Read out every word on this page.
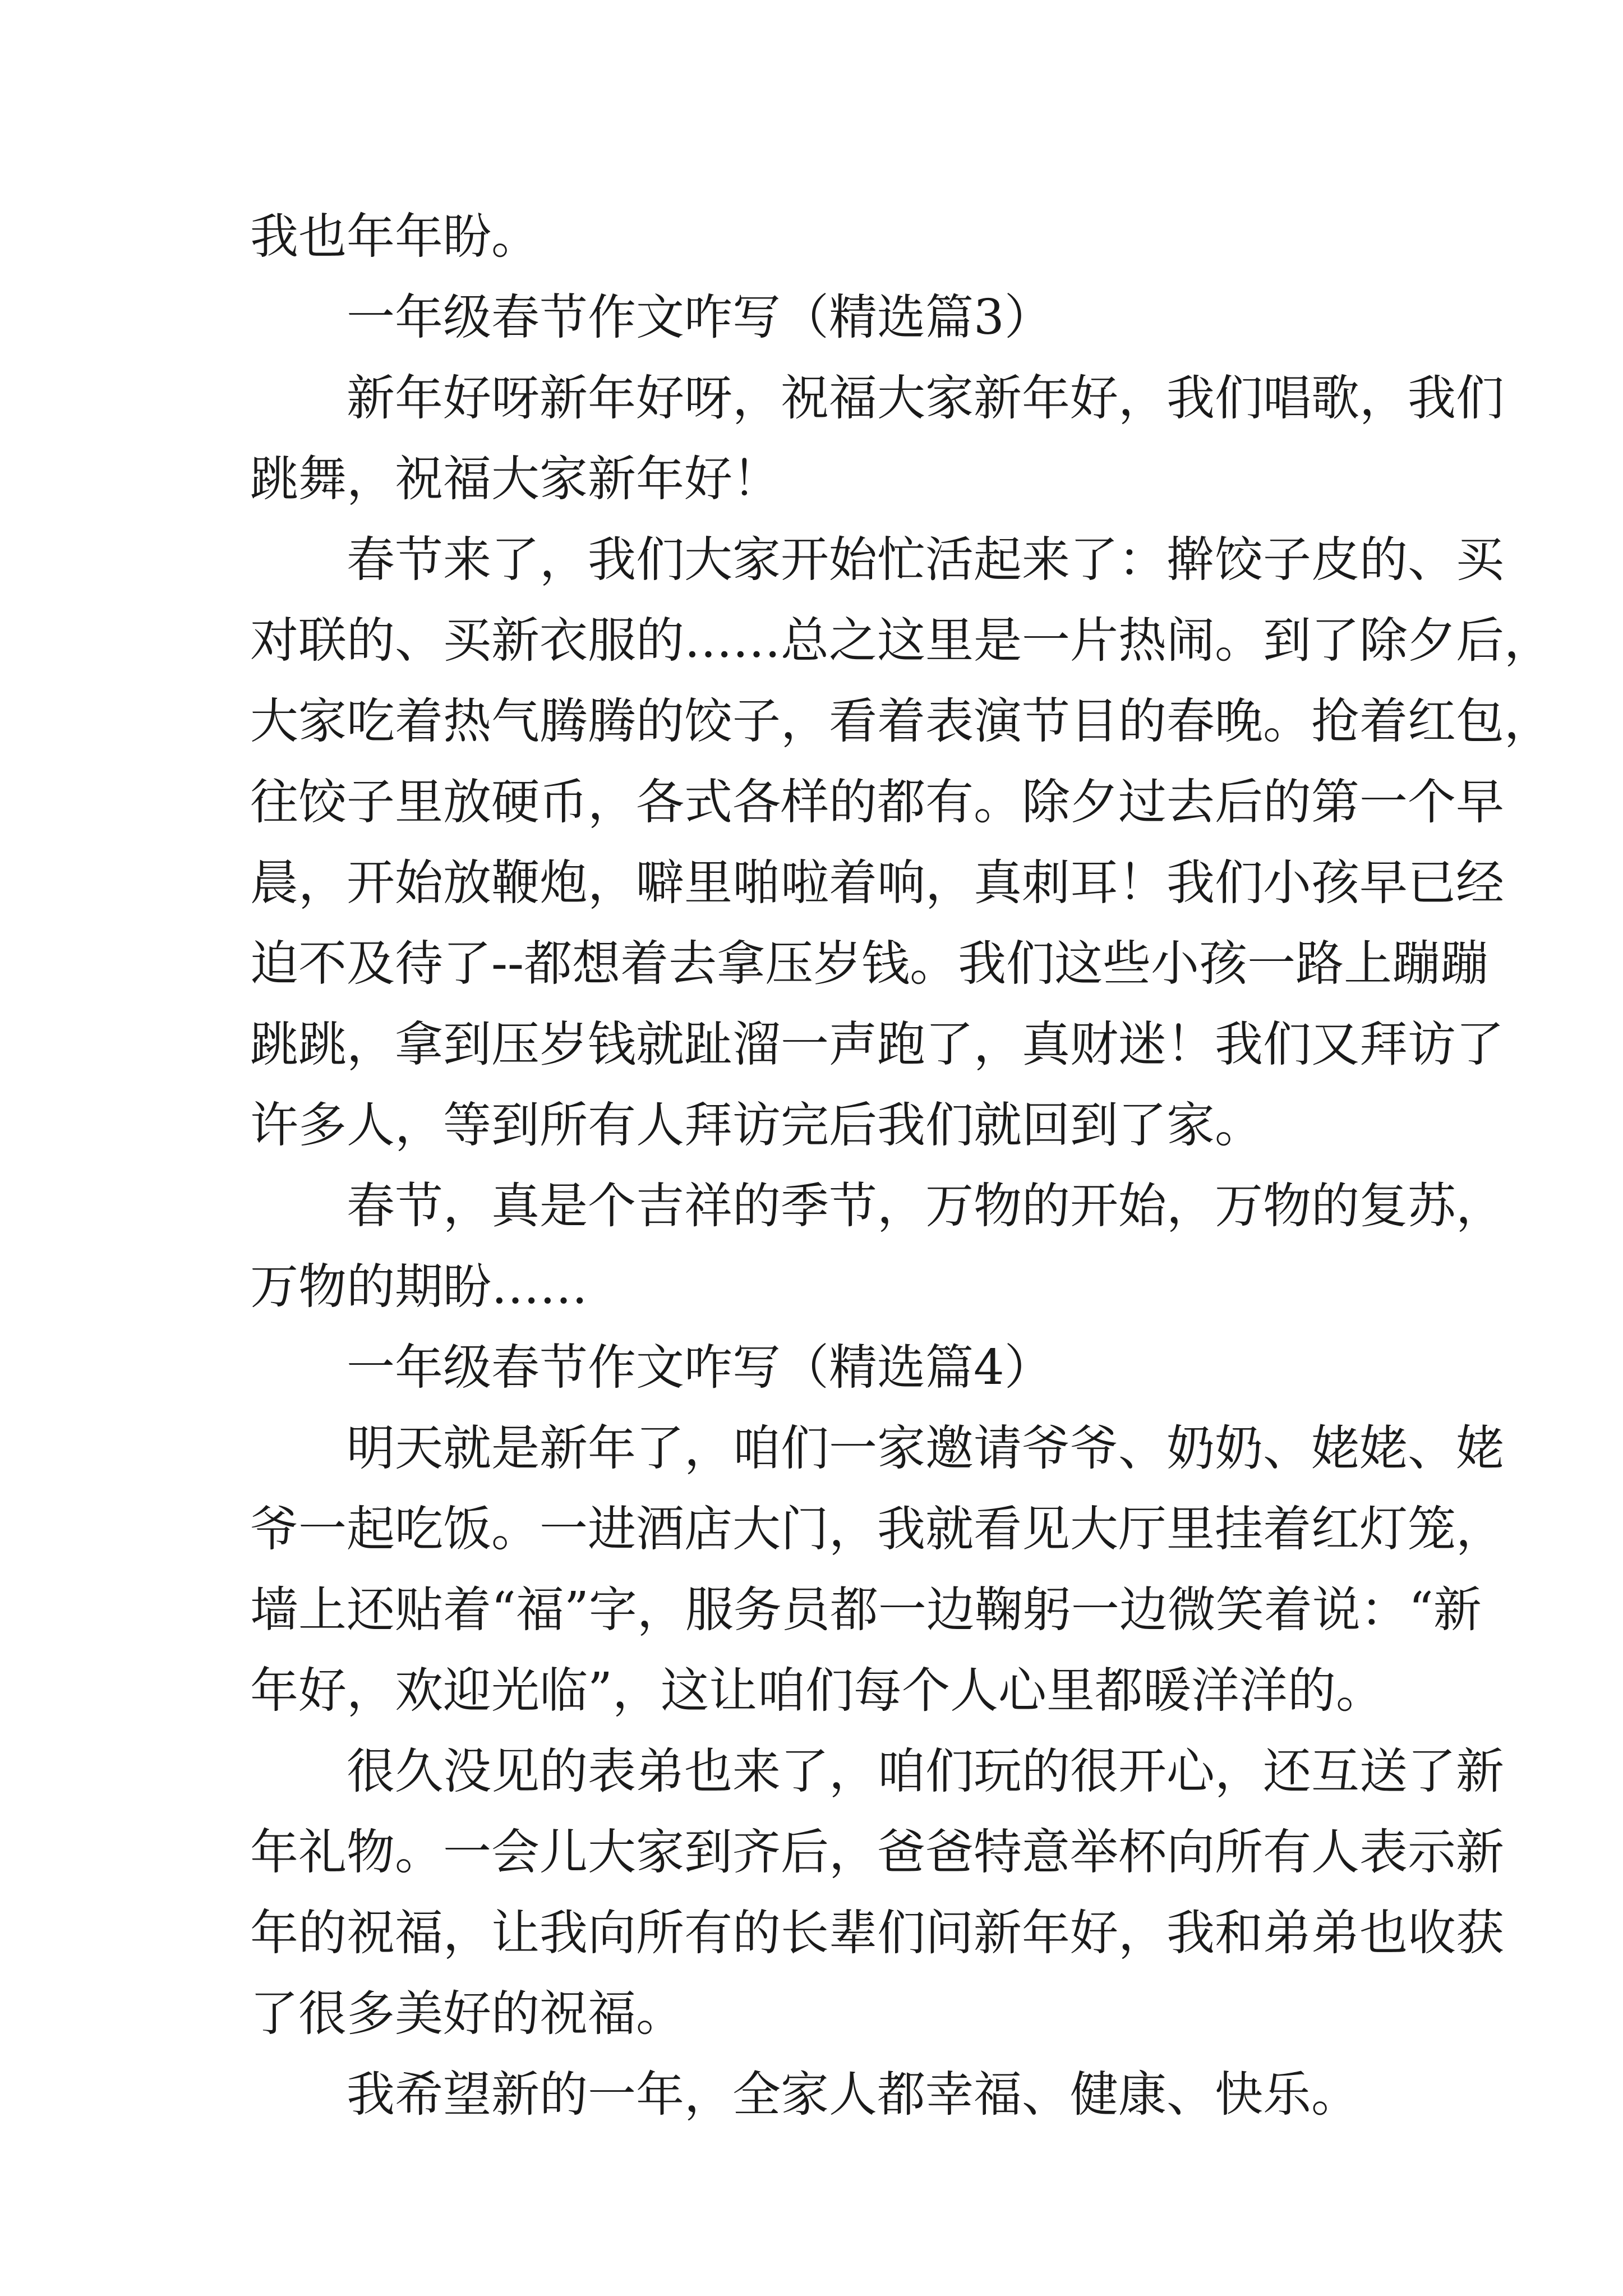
我也年年盼。
一年级春节作文咋写（精选篇3）
新年好呀新年好呀，祝福大家新年好，我们唱歌，我们
跳舞，祝福大家新年好！
春节来了，我们大家开始忙活起来了：擀饺子皮的、买
对联的、买新衣服的……总之这里是一片热闹。到了除夕后，
大家吃着热气腾腾的饺子，看着表演节目的春晚。抢着红包，
往饺子里放硬币，各式各样的都有。除夕过去后的第一个早
晨，开始放鞭炮，噼里啪啦着响，真刺耳！我们小孩早已经
迫不及待了--都想着去拿压岁钱。我们这些小孩一路上蹦蹦
跳跳，拿到压岁钱就趾溜一声跑了，真财迷！我们又拜访了
许多人，等到所有人拜访完后我们就回到了家。
春节，真是个吉祥的季节，万物的开始，万物的复苏，
万物的期盼……
一年级春节作文咋写（精选篇4）
明天就是新年了，咱们一家邀请爷爷、奶奶、姥姥、姥
爷一起吃饭。一进酒店大门，我就看见大厅里挂着红灯笼，
墙上还贴着“福”字，服务员都一边鞠躬一边微笑着说：“新
年好，欢迎光临”，这让咱们每个人心里都暖洋洋的。
很久没见的表弟也来了，咱们玩的很开心，还互送了新
年礼物。一会儿大家到齐后，爸爸特意举杯向所有人表示新
年的祝福，让我向所有的长辈们问新年好，我和弟弟也收获
了很多美好的祝福。
我希望新的一年，全家人都幸福、健康、快乐。
